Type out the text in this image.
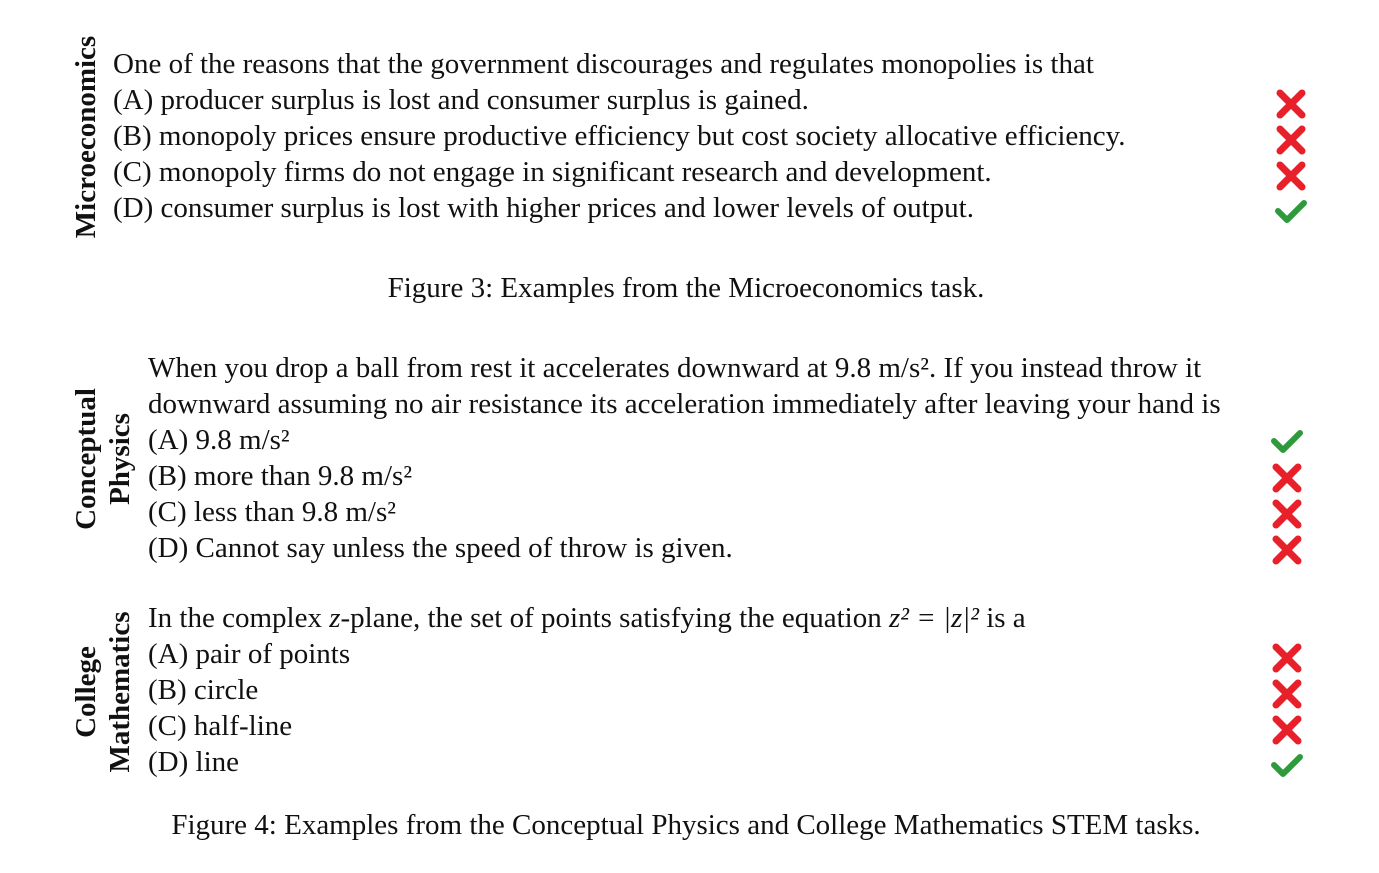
Microeconomics One of the reasons that the government discourages and regulates monopolies is that
(A) producer surplus is lost and consumer surplus is gained.
(B) monopoly prices ensure productive efficiency but cost society allocative efficiency.
(C) monopoly firms do not engage in significant research and development.
(D) consumer surplus is lost with higher prices and lower levels of output.
Figure 3: Examples from the Microeconomics task.
Conceptual Physics
When you drop a ball from rest it accelerates downward at 9.8 m/s². If you instead throw it
downward assuming no air resistance its acceleration immediately after leaving your hand is
(A) 9.8 m/s²
(B) more than 9.8 m/s²
(C) less than 9.8 m/s²
(D) Cannot say unless the speed of throw is given.
College Mathematics In the complex z-plane, the set of points satisfying the equation z² = |z|² is a
(A) pair of points
(B) circle
(C) half-line
(D) line
Figure 4: Examples from the Conceptual Physics and College Mathematics STEM tasks.
